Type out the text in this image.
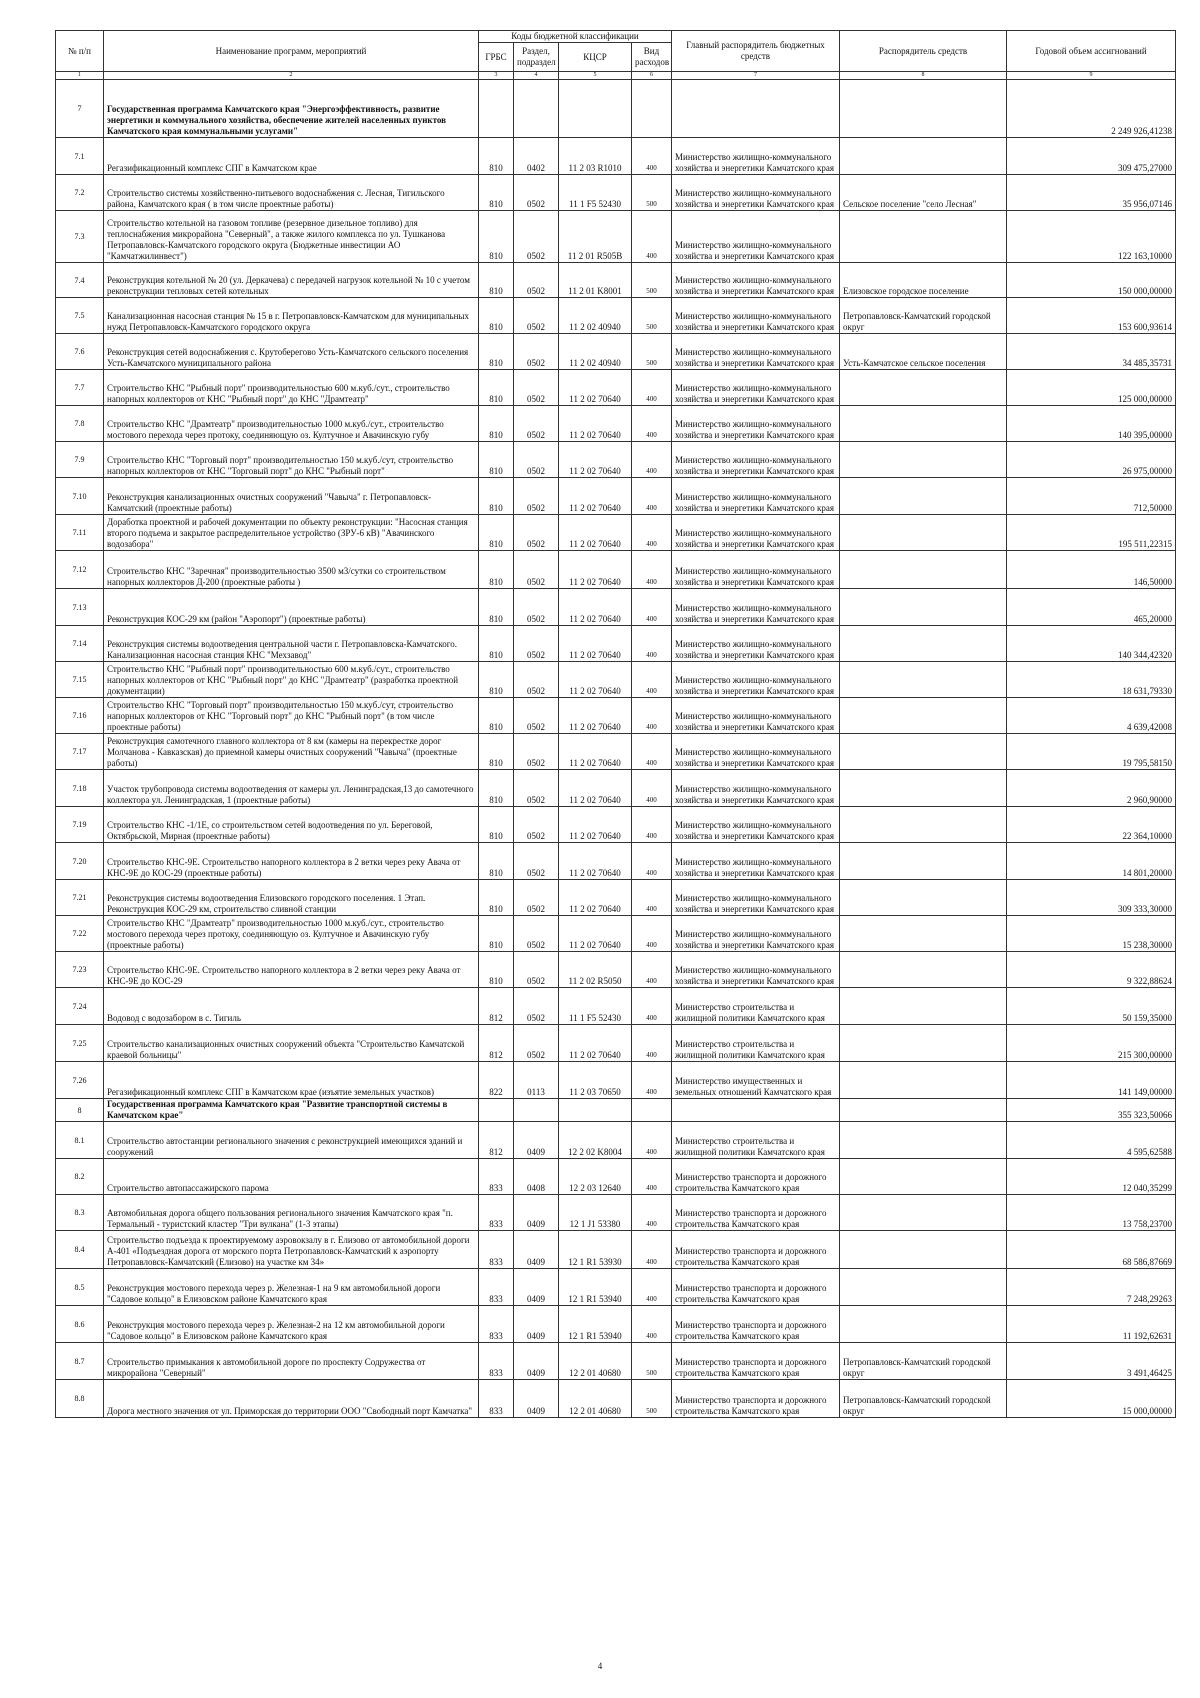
№ п/п	Наименование программ, мероприятий	Коды бюджетной классификации				Главный распорядитель бюджетных средств	Распорядитель средств	Годовой объем ассигнований
		ГРБС	Раздел, подраздел	КЦСР	Вид расходов			
1	2	3	4	5	6	7	8	9
7	Государственная программа Камчатского края "Энергоэффективность, развитие энергетики и коммунального хозяйства, обеспечение жителей населенных пунктов Камчатского края коммунальными услугами"							2 249 926,41238
7.1	Регазификационный комплекс СПГ в Камчатском крае	810	0402	11 2 03 R1010	400	Министерство жилищно-коммунального хозяйства и энергетики Камчатского края		309 475,27000
7.2	Строительство системы хозяйственно-питьевого водоснабжения с. Лесная, Тигильского района, Камчатского края ( в том числе проектные работы)	810	0502	11 1 F5 52430	500	Министерство жилищно-коммунального хозяйства и энергетики Камчатского края	Сельское поселение "село Лесная"	35 956,07146
7.3	Строительство котельной на газовом топливе (резервное дизельное топливо) для теплоснабжения микрорайона "Северный", а также жилого комплекса по ул. Тушканова Петропавловск-Камчатского городского округа (Бюджетные инвестиции АО "Камчатжилинвест")	810	0502	11 2 01 R505B	400	Министерство жилищно-коммунального хозяйства и энергетики Камчатского края		122 163,10000
7.4	Реконструкция котельной № 20 (ул. Деркачева) с передачей нагрузок котельной № 10 с учетом реконструкции тепловых сетей котельных	810	0502	11 2 01 K8001	500	Министерство жилищно-коммунального хозяйства и энергетики Камчатского края	Елизовское городское поселение	150 000,00000
7.5	Канализационная насосная станция № 15 в г. Петропавловск-Камчатском для муниципальных нужд Петропавловск-Камчатского городского округа	810	0502	11 2 02 40940	500	Министерство жилищно-коммунального хозяйства и энергетики Камчатского края	Петропавловск-Камчатский городской округ	153 600,93614
7.6	Реконструкция сетей водоснабжения с. Крутоберегово Усть-Камчатского сельского поселения Усть-Камчатского муниципального района	810	0502	11 2 02 40940	500	Министерство жилищно-коммунального хозяйства и энергетики Камчатского края	Усть-Камчатское сельское поселения	34 485,35731
7.7	Строительство КНС "Рыбный порт" производительностью 600 м.куб./сут., строительство напорных коллекторов от КНС "Рыбный порт" до КНС "Драмтеатр"	810	0502	11 2 02 70640	400	Министерство жилищно-коммунального хозяйства и энергетики Камчатского края		125 000,00000
7.8	Строительство КНС "Драмтеатр" производительностью 1000 м.куб./сут., строительство мостового перехода через протоку, соединяющую оз. Култучное и Авачинскую губу	810	0502	11 2 02 70640	400	Министерство жилищно-коммунального хозяйства и энергетики Камчатского края		140 395,00000
7.9	Строительство КНС "Торговый порт" производительностью 150 м.куб./сут, строительство напорных коллекторов от КНС "Торговый порт" до КНС "Рыбный порт"	810	0502	11 2 02 70640	400	Министерство жилищно-коммунального хозяйства и энергетики Камчатского края		26 975,00000
7.10	Реконструкция канализационных очистных сооружений "Чавыча" г. Петропавловск-Камчатский (проектные работы)	810	0502	11 2 02 70640	400	Министерство жилищно-коммунального хозяйства и энергетики Камчатского края		712,50000
7.11	Доработка проектной и рабочей документации по объекту реконструкции: "Насосная станция второго подъема и закрытое распределительное устройство (ЗРУ-6 кВ) "Авачинского водозабора"	810	0502	11 2 02 70640	400	Министерство жилищно-коммунального хозяйства и энергетики Камчатского края		195 511,22315
7.12	Строительство КНС "Заречная" производительностью 3500 м3/сутки со строительством напорных коллекторов Д-200 (проектные работы )	810	0502	11 2 02 70640	400	Министерство жилищно-коммунального хозяйства и энергетики Камчатского края		146,50000
7.13	Реконструкция КОС-29 км (район "Аэропорт") (проектные работы)	810	0502	11 2 02 70640	400	Министерство жилищно-коммунального хозяйства и энергетики Камчатского края		465,20000
7.14	Реконструкция системы водоотведения центральной части г. Петропавловска-Камчатского. Канализационная насосная станция КНС "Мехзавод"	810	0502	11 2 02 70640	400	Министерство жилищно-коммунального хозяйства и энергетики Камчатского края		140 344,42320
7.15	Строительство КНС "Рыбный порт" производительностью 600 м.куб./сут., строительство напорных коллекторов от КНС "Рыбный порт" до КНС "Драмтеатр" (разработка проектной документации)	810	0502	11 2 02 70640	400	Министерство жилищно-коммунального хозяйства и энергетики Камчатского края		18 631,79330
7.16	Строительство КНС "Торговый порт" производительностью 150 м.куб./сут, строительство напорных коллекторов от КНС "Торговый порт" до КНС "Рыбный порт" (в том числе проектные работы)	810	0502	11 2 02 70640	400	Министерство жилищно-коммунального хозяйства и энергетики Камчатского края		4 639,42008
7.17	Реконструкция самотечного главного коллектора от 8 км (камеры на перекрестке дорог Молчанова - Кавказская) до приемной камеры очистных сооружений "Чавыча" (проектные работы)	810	0502	11 2 02 70640	400	Министерство жилищно-коммунального хозяйства и энергетики Камчатского края		19 795,58150
7.18	Участок трубопровода системы водоотведения от камеры ул. Ленинградская,13 до самотечного коллектора ул. Ленинградская, 1 (проектные работы)	810	0502	11 2 02 70640	400	Министерство жилищно-коммунального хозяйства и энергетики Камчатского края		2 960,90000
7.19	Строительство КНС -1/1Е, со строительством сетей водоотведения по ул. Береговой, Октябрьской, Мирная (проектные работы)	810	0502	11 2 02 70640	400	Министерство жилищно-коммунального хозяйства и энергетики Камчатского края		22 364,10000
7.20	Строительство КНС-9Е. Строительство напорного коллектора в 2 ветки через реку Авача от КНС-9Е до КОС-29 (проектные работы)	810	0502	11 2 02 70640	400	Министерство жилищно-коммунального хозяйства и энергетики Камчатского края		14 801,20000
7.21	Реконструкция системы водоотведения Елизовского городского поселения. 1 Этап. Реконструкция КОС-29 км, строительство сливной станции	810	0502	11 2 02 70640	400	Министерство жилищно-коммунального хозяйства и энергетики Камчатского края		309 333,30000
7.22	Строительство КНС "Драмтеатр" производительностью 1000 м.куб./сут., строительство мостового перехода через протоку, соединяющую оз. Култучное и Авачинскую губу (проектные работы)	810	0502	11 2 02 70640	400	Министерство жилищно-коммунального хозяйства и энергетики Камчатского края		15 238,30000
7.23	Строительство КНС-9Е. Строительство напорного коллектора в 2 ветки через реку Авача от КНС-9Е до КОС-29	810	0502	11 2 02 R5050	400	Министерство жилищно-коммунального хозяйства и энергетики Камчатского края		9 322,88624
7.24	Водовод с водозабором в с. Тигиль	812	0502	11 1 F5 52430	400	Министерство строительства и жилищной политики Камчатского края		50 159,35000
7.25	Строительство канализационных очистных сооружений объекта "Строительство Камчатской краевой больницы"	812	0502	11 2 02 70640	400	Министерство строительства и жилищной политики Камчатского края		215 300,00000
7.26	Регазификационный комплекс СПГ в Камчатском крае (изъятие земельных участков)	822	0113	11 2 03 70650	400	Министерство имущественных и земельных отношений Камчатского края		141 149,00000
8	Государственная программа Камчатского края "Развитие транспортной системы в Камчатском крае"							355 323,50066
8.1	Строительство автостанции регионального значения с реконструкцией имеющихся зданий и сооружений	812	0409	12 2 02 K8004	400	Министерство строительства и жилищной политики Камчатского края		4 595,62588
8.2	Строительство автопассажирского парома	833	0408	12 2 03 12640	400	Министерство транспорта и дорожного строительства Камчатского края		12 040,35299
8.3	Автомобильная дорога общего пользования регионального значения Камчатского края "п. Термальный - туристский кластер "Три вулкана" (1-3 этапы)	833	0409	12 1 J1 53380	400	Министерство транспорта и дорожного строительства Камчатского края		13 758,23700
8.4	Строительство подъезда к проектируемому аэровокзалу в г. Елизово от автомобильной дороги А-401 «Подъездная дорога от морского порта Петропавловск-Камчатский к аэропорту Петропавловск-Камчатский (Елизово) на участке км 34»	833	0409	12 1 R1 53930	400	Министерство транспорта и дорожного строительства Камчатского края		68 586,87669
8.5	Реконструкция мостового перехода через р. Железная-1 на 9 км автомобильной дороги "Садовое кольцо" в Елизовском районе Камчатского края	833	0409	12 1 R1 53940	400	Министерство транспорта и дорожного строительства Камчатского края		7 248,29263
8.6	Реконструкция мостового перехода через р. Железная-2 на 12 км автомобильной дороги "Садовое кольцо" в Елизовском районе Камчатского края	833	0409	12 1 R1 53940	400	Министерство транспорта и дорожного строительства Камчатского края		11 192,62631
8.7	Строительство примыкания к автомобильной дороге по проспекту Содружества от микрорайона "Северный"	833	0409	12 2 01 40680	500	Министерство транспорта и дорожного строительства Камчатского края	Петропавловск-Камчатский городской округ	3 491,46425
8.8	Дорога местного значения от ул. Приморская до территории ООО "Свободный порт Камчатка"	833	0409	12 2 01 40680	500	Министерство транспорта и дорожного строительства Камчатского края	Петропавловск-Камчатский городской округ	15 000,00000
4
